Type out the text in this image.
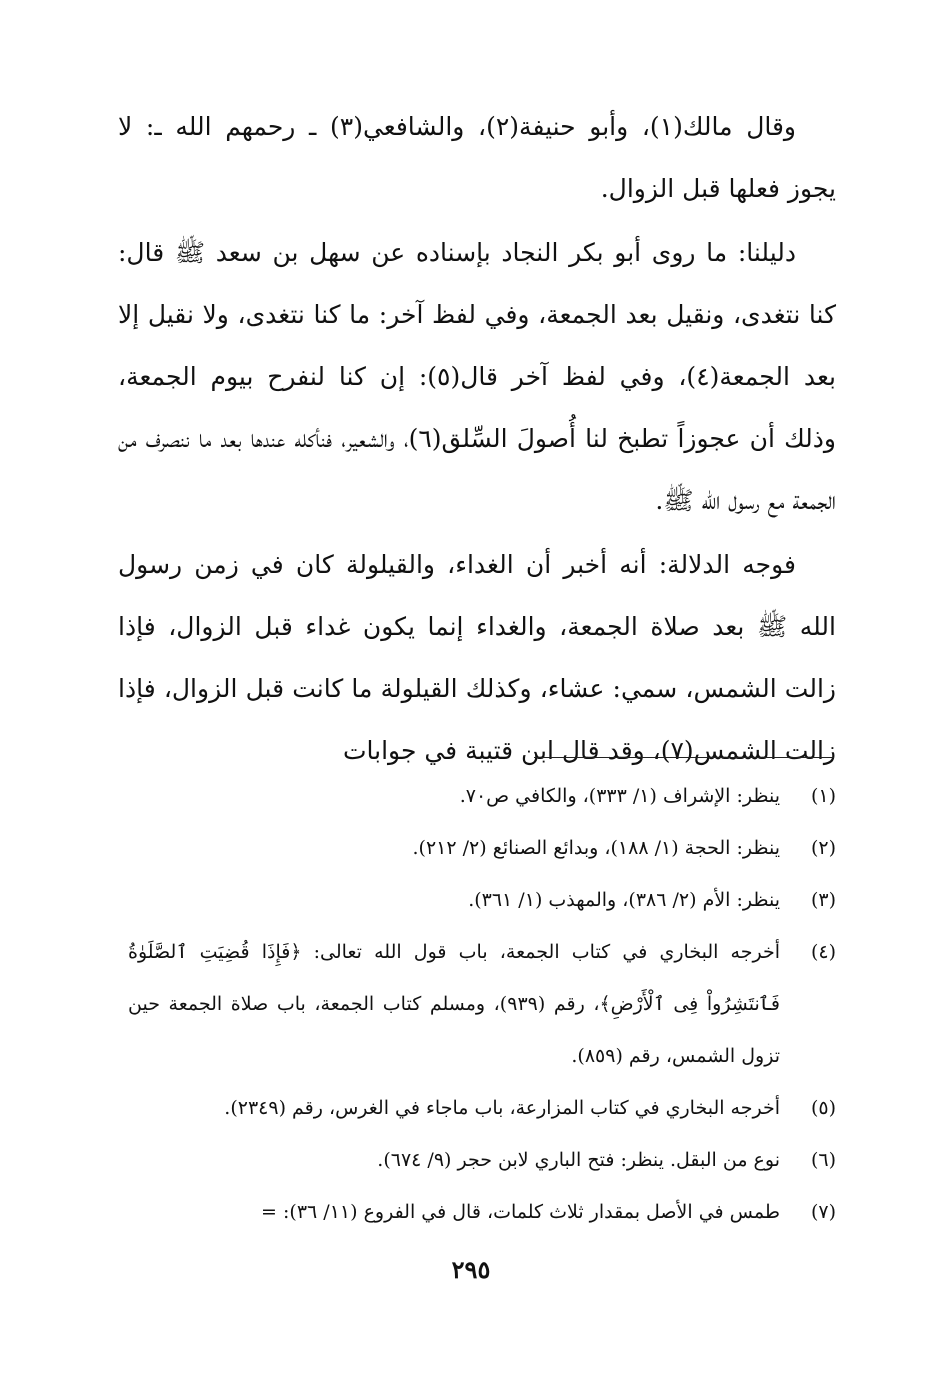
وقال مالك(١)، وأبو حنيفة(٢)، والشافعي(٣) ـ رحمهم الله ـ: لا يجوز فعلها قبل الزوال.

دليلنا: ما روى أبو بكر النجاد بإسناده عن سهل بن سعد ﷺ قال: كنا نتغدى، ونقيل بعد الجمعة، وفي لفظ آخر: ما كنا نتغدى، ولا نقيل إلا بعد الجمعة(٤)، وفي لفظ آخر قال(٥): إن كنا لنفرح بيوم الجمعة، وذلك أن عجوزاً تطبخ لنا أُصولَ السِّلق(٦)، والشعير، فنأكله عندها بعد ما ننصرف من الجمعة مع رسول الله ﷺ.

فوجه الدلالة: أنه أخبر أن الغداء، والقيلولة كان في زمن رسول الله ﷺ بعد صلاة الجمعة، والغداء إنما يكون غداء قبل الزوال، فإذا زالت الشمس، سمي: عشاء، وكذلك القيلولة ما كانت قبل الزوال، فإذا زالت الشمس(٧)، وقد قال ابن قتيبة في جوابات

(١)
ينظر: الإشراف (١/ ٣٣٣)، والكافي ص٧٠.
(٢)
ينظر: الحجة (١/ ١٨٨)، وبدائع الصنائع (٢/ ٢١٢).
(٣)
ينظر: الأم (٢/ ٣٨٦)، والمهذب (١/ ٣٦١).
(٤)
أخرجه البخاري في كتاب الجمعة، باب قول الله تعالى: ﴿فَإِذَا قُضِيَتِ ٱلصَّلَوٰةُ فَٱنتَشِرُواْ فِى ٱلْأَرْضِ﴾، رقم (٩٣٩)، ومسلم كتاب الجمعة، باب صلاة الجمعة حين تزول الشمس، رقم (٨٥٩).
(٥)
أخرجه البخاري في كتاب المزارعة، باب ماجاء في الغرس، رقم (٢٣٤٩).
(٦)
نوع من البقل. ينظر: فتح الباري لابن حجر (٩/ ٦٧٤).
(٧)
طمس في الأصل بمقدار ثلاث كلمات، قال في الفروع (١١/ ٣٦): =
٢٩٥
